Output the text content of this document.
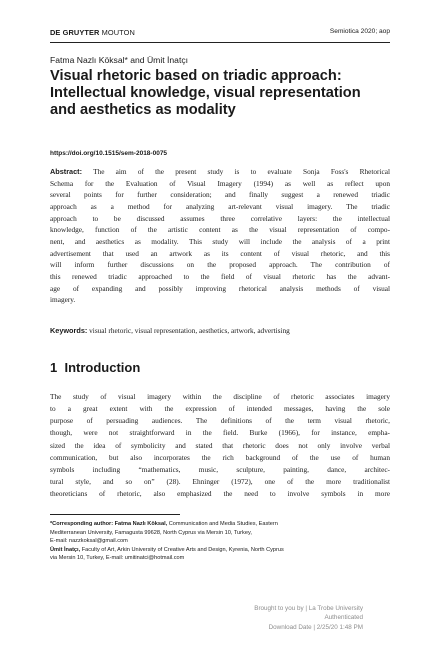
DE GRUYTER MOUTON	Semiotica 2020; aop
Fatma Nazlı Köksal* and Ümit İnatçı
Visual rhetoric based on triadic approach:
Intellectual knowledge, visual representation
and aesthetics as modality
https://doi.org/10.1515/sem-2018-0075
Abstract: The aim of the present study is to evaluate Sonja Foss's Rhetorical
Schema for the Evaluation of Visual Imagery (1994) as well as reflect upon
several points for further consideration; and finally suggest a renewed triadic
approach as a method for analyzing art-relevant visual imagery. The triadic
approach to be discussed assumes three correlative layers: the intellectual
knowledge, function of the artistic content as the visual representation of compo-
nent, and aesthetics as modality. This study will include the analysis of a print
advertisement that used an artwork as its content of visual rhetoric, and this
will inform further discussions on the proposed approach. The contribution of
this renewed triadic approached to the field of visual rhetoric has the advant-
age of expanding and possibly improving rhetorical analysis methods of visual
imagery.
Keywords: visual rhetoric, visual representation, aesthetics, artwork, advertising
1 Introduction
The study of visual imagery within the discipline of rhetoric associates imagery
to a great extent with the expression of intended messages, having the sole
purpose of persuading audiences. The definitions of the term visual rhetoric,
though, were not straightforward in the field. Burke (1966), for instance, empha-
sized the idea of symbolicity and stated that rhetoric does not only involve verbal
communication, but also incorporates the rich background of the use of human
symbols including “mathematics, music, sculpture, painting, dance, architec-
tural style, and so on” (28). Ehninger (1972), one of the more traditionalist
theoreticians of rhetoric, also emphasized the need to involve symbols in more
*Corresponding author: Fatma Nazlı Köksal, Communication and Media Studies, Eastern
Mediterranean University, Famagusta 99628, North Cyprus via Mersin 10, Turkey,
E-mail: nazzkoksal@gmail.com
Ümit İnatçı, Faculty of Art, Arkin University of Creative Arts and Design, Kyrenia, North Cyprus
via Mersin 10, Turkey, E-mail: umitinatci@hotmail.com
Brought to you by | La Trobe University
Authenticated
Download Date | 2/25/20 1:48 PM
